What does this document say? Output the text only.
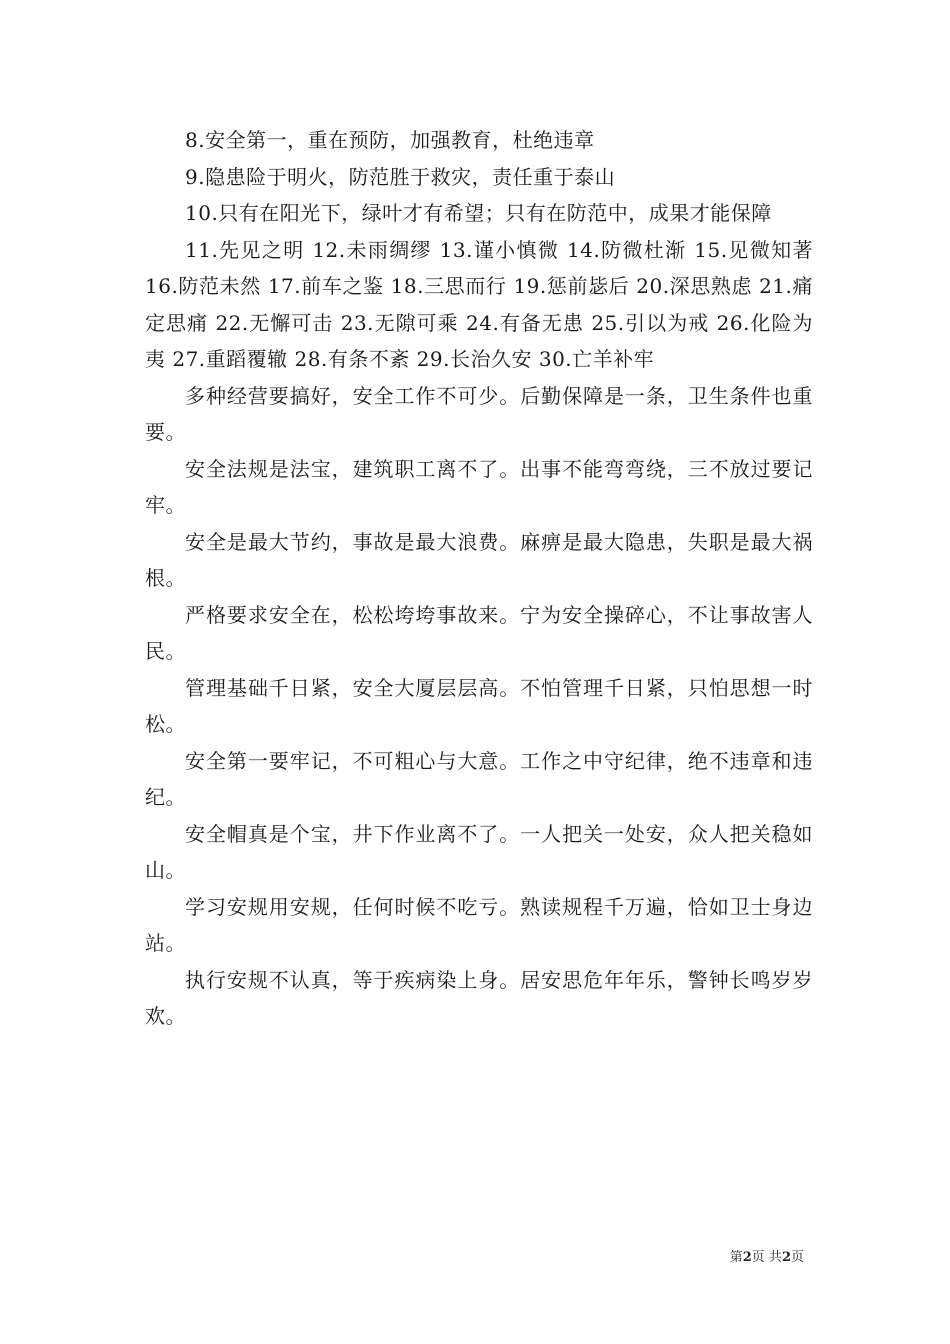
8.安全第一，重在预防，加强教育，杜绝违章

9.隐患险于明火，防范胜于救灾，责任重于泰山

10.只有在阳光下，绿叶才有希望；只有在防范中，成果才能保障

11.先见之明 12.未雨绸缪 13.谨小慎微 14.防微杜渐 15.见微知著 16.防范未然 17.前车之鉴 18.三思而行 19.惩前毖后 20.深思熟虑 21.痛定思痛 22.无懈可击 23.无隙可乘 24.有备无患 25.引以为戒 26.化险为夷 27.重蹈覆辙 28.有条不紊 29.长治久安 30.亡羊补牢

多种经营要搞好，安全工作不可少。后勤保障是一条，卫生条件也重要。

安全法规是法宝，建筑职工离不了。出事不能弯弯绕，三不放过要记牢。

安全是最大节约，事故是最大浪费。麻痹是最大隐患，失职是最大祸根。

严格要求安全在，松松垮垮事故来。宁为安全操碎心，不让事故害人民。

管理基础千日紧，安全大厦层层高。不怕管理千日紧，只怕思想一时松。

安全第一要牢记，不可粗心与大意。工作之中守纪律，绝不违章和违纪。

安全帽真是个宝，井下作业离不了。一人把关一处安，众人把关稳如山。

学习安规用安规，任何时候不吃亏。熟读规程千万遍，恰如卫士身边站。

执行安规不认真，等于疾病染上身。居安思危年年乐，警钟长鸣岁岁欢。

第2页 共2页
